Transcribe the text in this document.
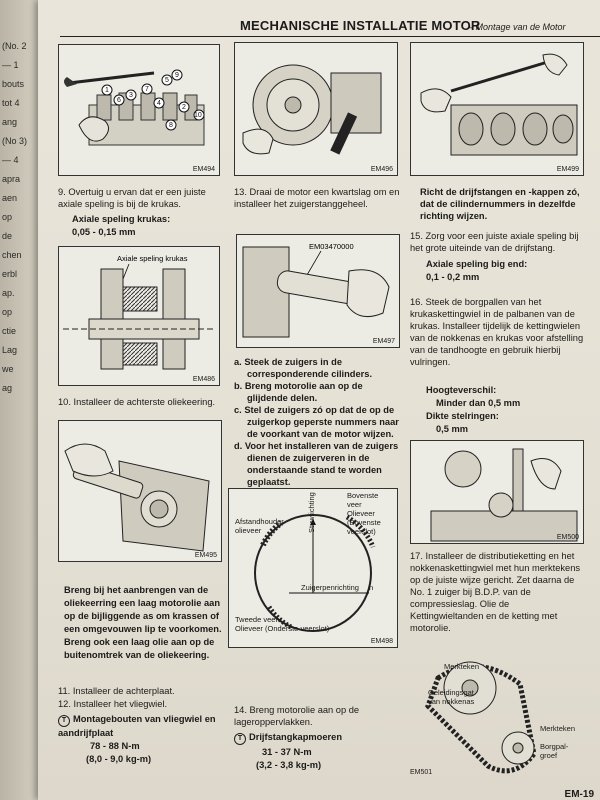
(No. 2
— 1
bouts
tot 4
ang
(No 3)
— 4
apra
aen
op
de
chen
erbl
ap.
op
ctie
Lag
we
ag
MECHANISCHE INSTALLATIE MOTOR
– Montage van de Motor
1
5
9
3
7
6	4
2
10
8
EM494
9. Overtuig u ervan dat er een juiste axiale speling is bij de krukas.
Axiale speling krukas:
0,05 - 0,15 mm
Axiale speling krukas
EM486
10. Installeer de achterste oliekeering.
EM495
Breng bij het aanbrengen van de oliekeerring een laag motorolie aan op de bijliggende as om krassen of een omgevouwen lip te voorkomen. Breng ook een laag olie aan op de buitenomtrek van de oliekeering.
11. Installeer de achterplaat.
12. Installeer het vliegwiel.
T Montagebouten van vliegwiel en aandrijfplaat
78 - 88 N-m
(8,0 - 9,0 kg-m)
EM496
13. Draai de motor een kwartslag om en installeer het zuigerstanggeheel.
EM03470000
EM497
a. Steek de zuigers in de corresponderende cilinders.
b. Breng motorolie aan op de glijdende delen.
c. Stel de zuigers zó op dat de op de zuigerkop geperste nummers naar de voorkant van de motor wijzen.
d. Voor het installeren van de zuigers dienen de zuigerveren in de onderstaande stand te worden geplaatst.
Bovenste
veer
Olieveer
(Bovenste
veerslot)
Afstandhouder
olieveer	Stuwrichting
Zuigerpenrichting n
Tweede veer
Olieveer (Onderste veerslot)
EM498
14. Breng motorolie aan op de lageroppervlakken.
T Drijfstangkapmoeren
31 - 37 N-m
(3,2 - 3,8 kg-m)
EM499
Richt de drijfstangen en -kappen zó, dat de cilindernummers in dezelfde richting wijzen.
15. Zorg voor een juiste axiale speling bij het grote uiteinde van de drijfstang.
Axiale speling big end:
0,1 - 0,2 mm
16. Steek de borgpallen van het krukaskettingwiel in de palbanen van de krukas. Installeer tijdelijk de kettingwielen van de nokkenas en krukas voor afstelling van de tandhoogte en gebruik hierbij vulringen.
Hoogteverschil:
Minder dan 0,5 mm
Dikte stelringen:
0,5 mm
EM500
17. Installeer de distributieketting en het nokkenaskettingwiel met hun merktekens op de juiste wijze gericht. Zet daarna de No. 1 zuiger bij B.D.P. van de compressieslag. Olie de Kettingwieltanden en de ketting met motorolie.
Merkteken
Geleidingsgat
van nokkenas
Merkteken
Borgpal-
groef
EM501
EM-19
